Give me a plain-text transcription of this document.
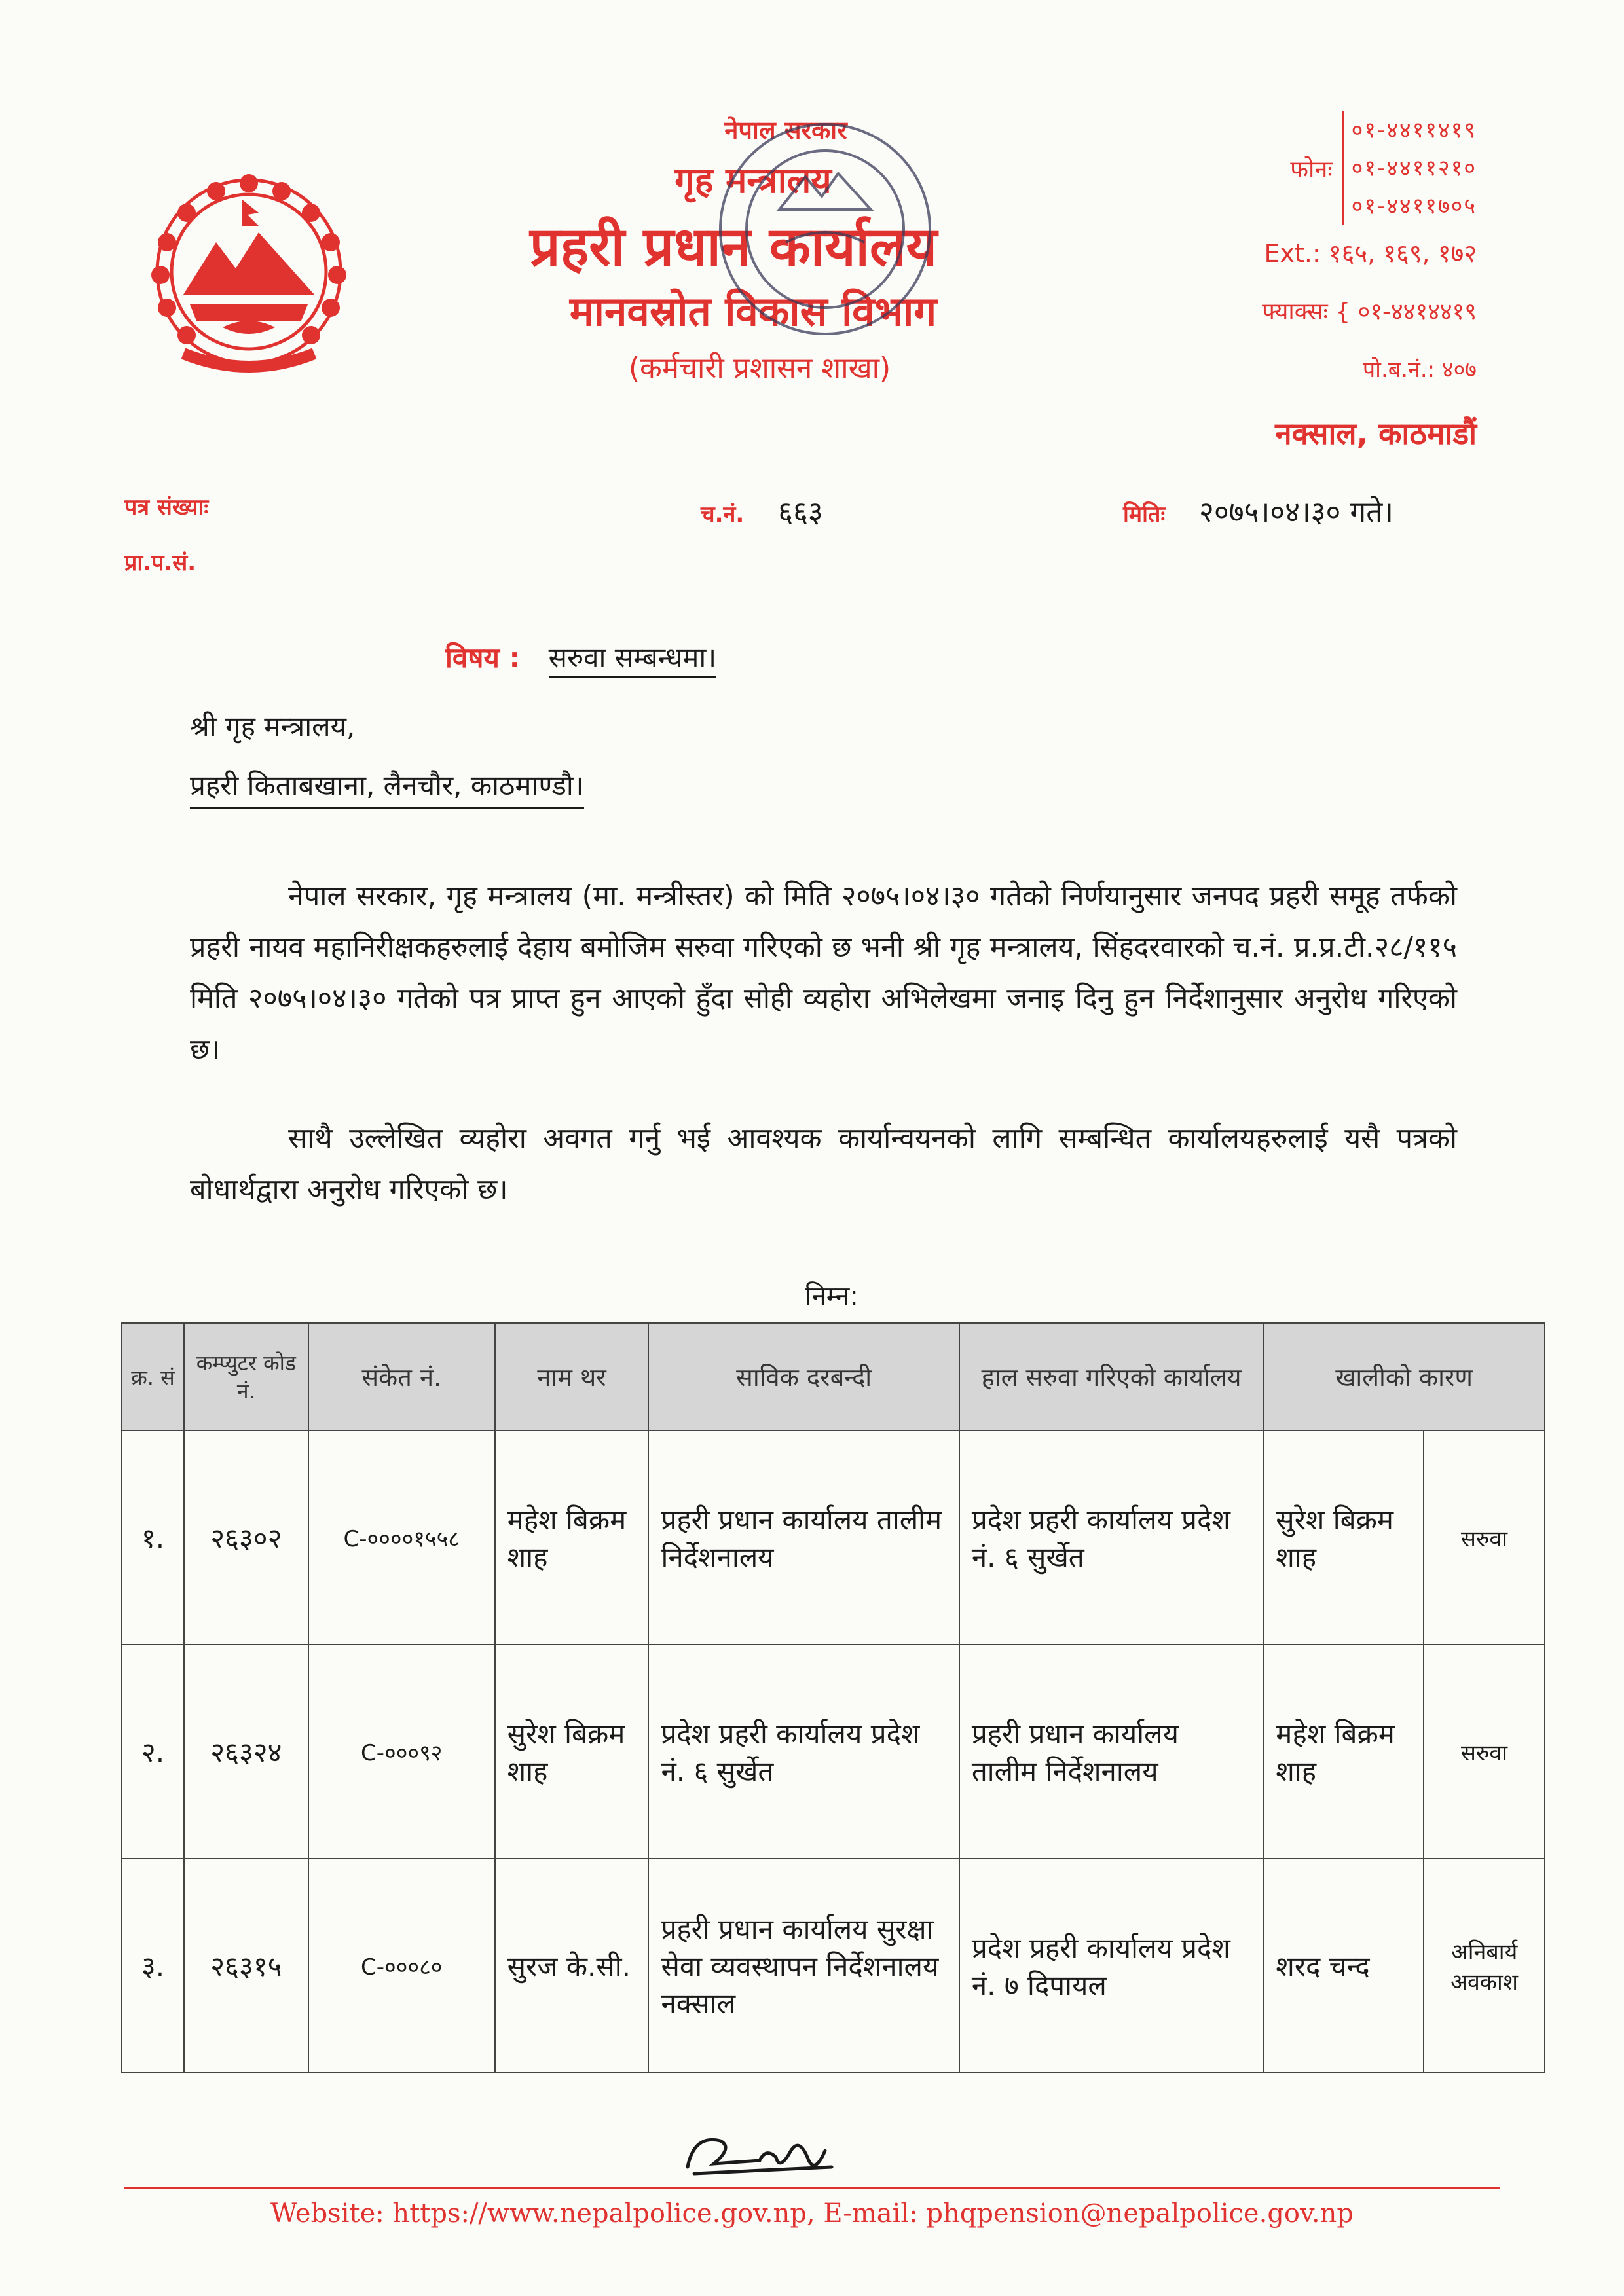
नेपाल सरकार
गृह मन्त्रालय
प्रहरी प्रधान कार्यालय
मानवस्रोत विकास विभाग
(कर्मचारी प्रशासन शाखा)
फोनः
०१-४४११४१९
०१-४४११२१०
०१-४४११७०५
Ext.: १६५, १६९, १७२
फ्याक्सः { ०१-४४१४४१९
पो.ब.नं.: ४०७
नक्साल, काठमाडौं
पत्र संख्याः
प्रा.प.सं.
च.नं. ६६३	मितिः २०७५।०४।३० गते।
विषय : सरुवा सम्बन्धमा।
श्री गृह मन्त्रालय,
प्रहरी किताबखाना, लैनचौर, काठमाण्डौ।
नेपाल सरकार, गृह मन्त्रालय (मा. मन्त्रीस्तर) को मिति २०७५।०४।३० गतेको निर्णयानुसार जनपद प्रहरी समूह तर्फको प्रहरी नायव महानिरीक्षकहरुलाई देहाय बमोजिम सरुवा गरिएको छ भनी श्री गृह मन्त्रालय, सिंहदरवारको च.नं. प्र.प्र.टी.२८/११५ मिति २०७५।०४।३० गतेको पत्र प्राप्त हुन आएको हुँदा सोही व्यहोरा अभिलेखमा जनाइ दिनु हुन निर्देशानुसार अनुरोध गरिएको छ।
साथै उल्लेखित व्यहोरा अवगत गर्नु भई आवश्यक कार्यान्वयनको लागि सम्बन्धित कार्यालयहरुलाई यसै पत्रको बोधार्थद्वारा अनुरोध गरिएको छ।
निम्न:
क्र. सं	कम्प्युटर कोड नं.	संकेत नं.	नाम थर	साविक दरबन्दी	हाल सरुवा गरिएको कार्यालय	खालीको कारण	
१.	२६३०२	C-००००१५५८	महेश बिक्रम शाह	प्रहरी प्रधान कार्यालय तालीम निर्देशनालय	प्रदेश प्रहरी कार्यालय प्रदेश नं. ६ सुर्खेत	सुरेश बिक्रम शाह	सरुवा
२.	२६३२४	C-०००९२	सुरेश बिक्रम शाह	प्रदेश प्रहरी कार्यालय प्रदेश नं. ६ सुर्खेत	प्रहरी प्रधान कार्यालय तालीम निर्देशनालय	महेश बिक्रम शाह	सरुवा
३.	२६३१५	C-०००८०	सुरज के.सी.	प्रहरी प्रधान कार्यालय सुरक्षा सेवा व्यवस्थापन निर्देशनालय नक्साल	प्रदेश प्रहरी कार्यालय प्रदेश नं. ७ दिपायल	शरद चन्द	अनिबार्य अवकाश
Website: https://www.nepalpolice.gov.np, E-mail: phqpension@nepalpolice.gov.np
